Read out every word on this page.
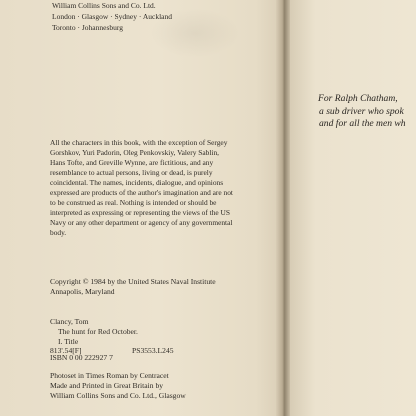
William Collins Sons and Co. Ltd.
London · Glasgow · Sydney · Auckland
Toronto · Johannesburg
All the characters in this book, with the exception of Sergey
Gorshkov, Yuri Padorin, Oleg Penkovskiy, Valery Sablin,
Hans Tofte, and Greville Wynne, are fictitious, and any
resemblance to actual persons, living or dead, is purely
coincidental. The names, incidents, dialogue, and opinions
expressed are products of the author's imagination and are not
to be construed as real. Nothing is intended or should be
interpreted as expressing or representing the views of the US
Navy or any other department or agency of any governmental
body.
Copyright © 1984 by the United States Naval Institute
Annapolis, Maryland
Clancy, Tom
The hunt for Red October.
I. Title
813'.54[F]	PS3553.L245
ISBN 0 00 222927 7
Photoset in Times Roman by Centracet
Made and Printed in Great Britain by
William Collins Sons and Co. Ltd., Glasgow
For Ralph Chatham,
a sub driver who spok
and for all the men wh
